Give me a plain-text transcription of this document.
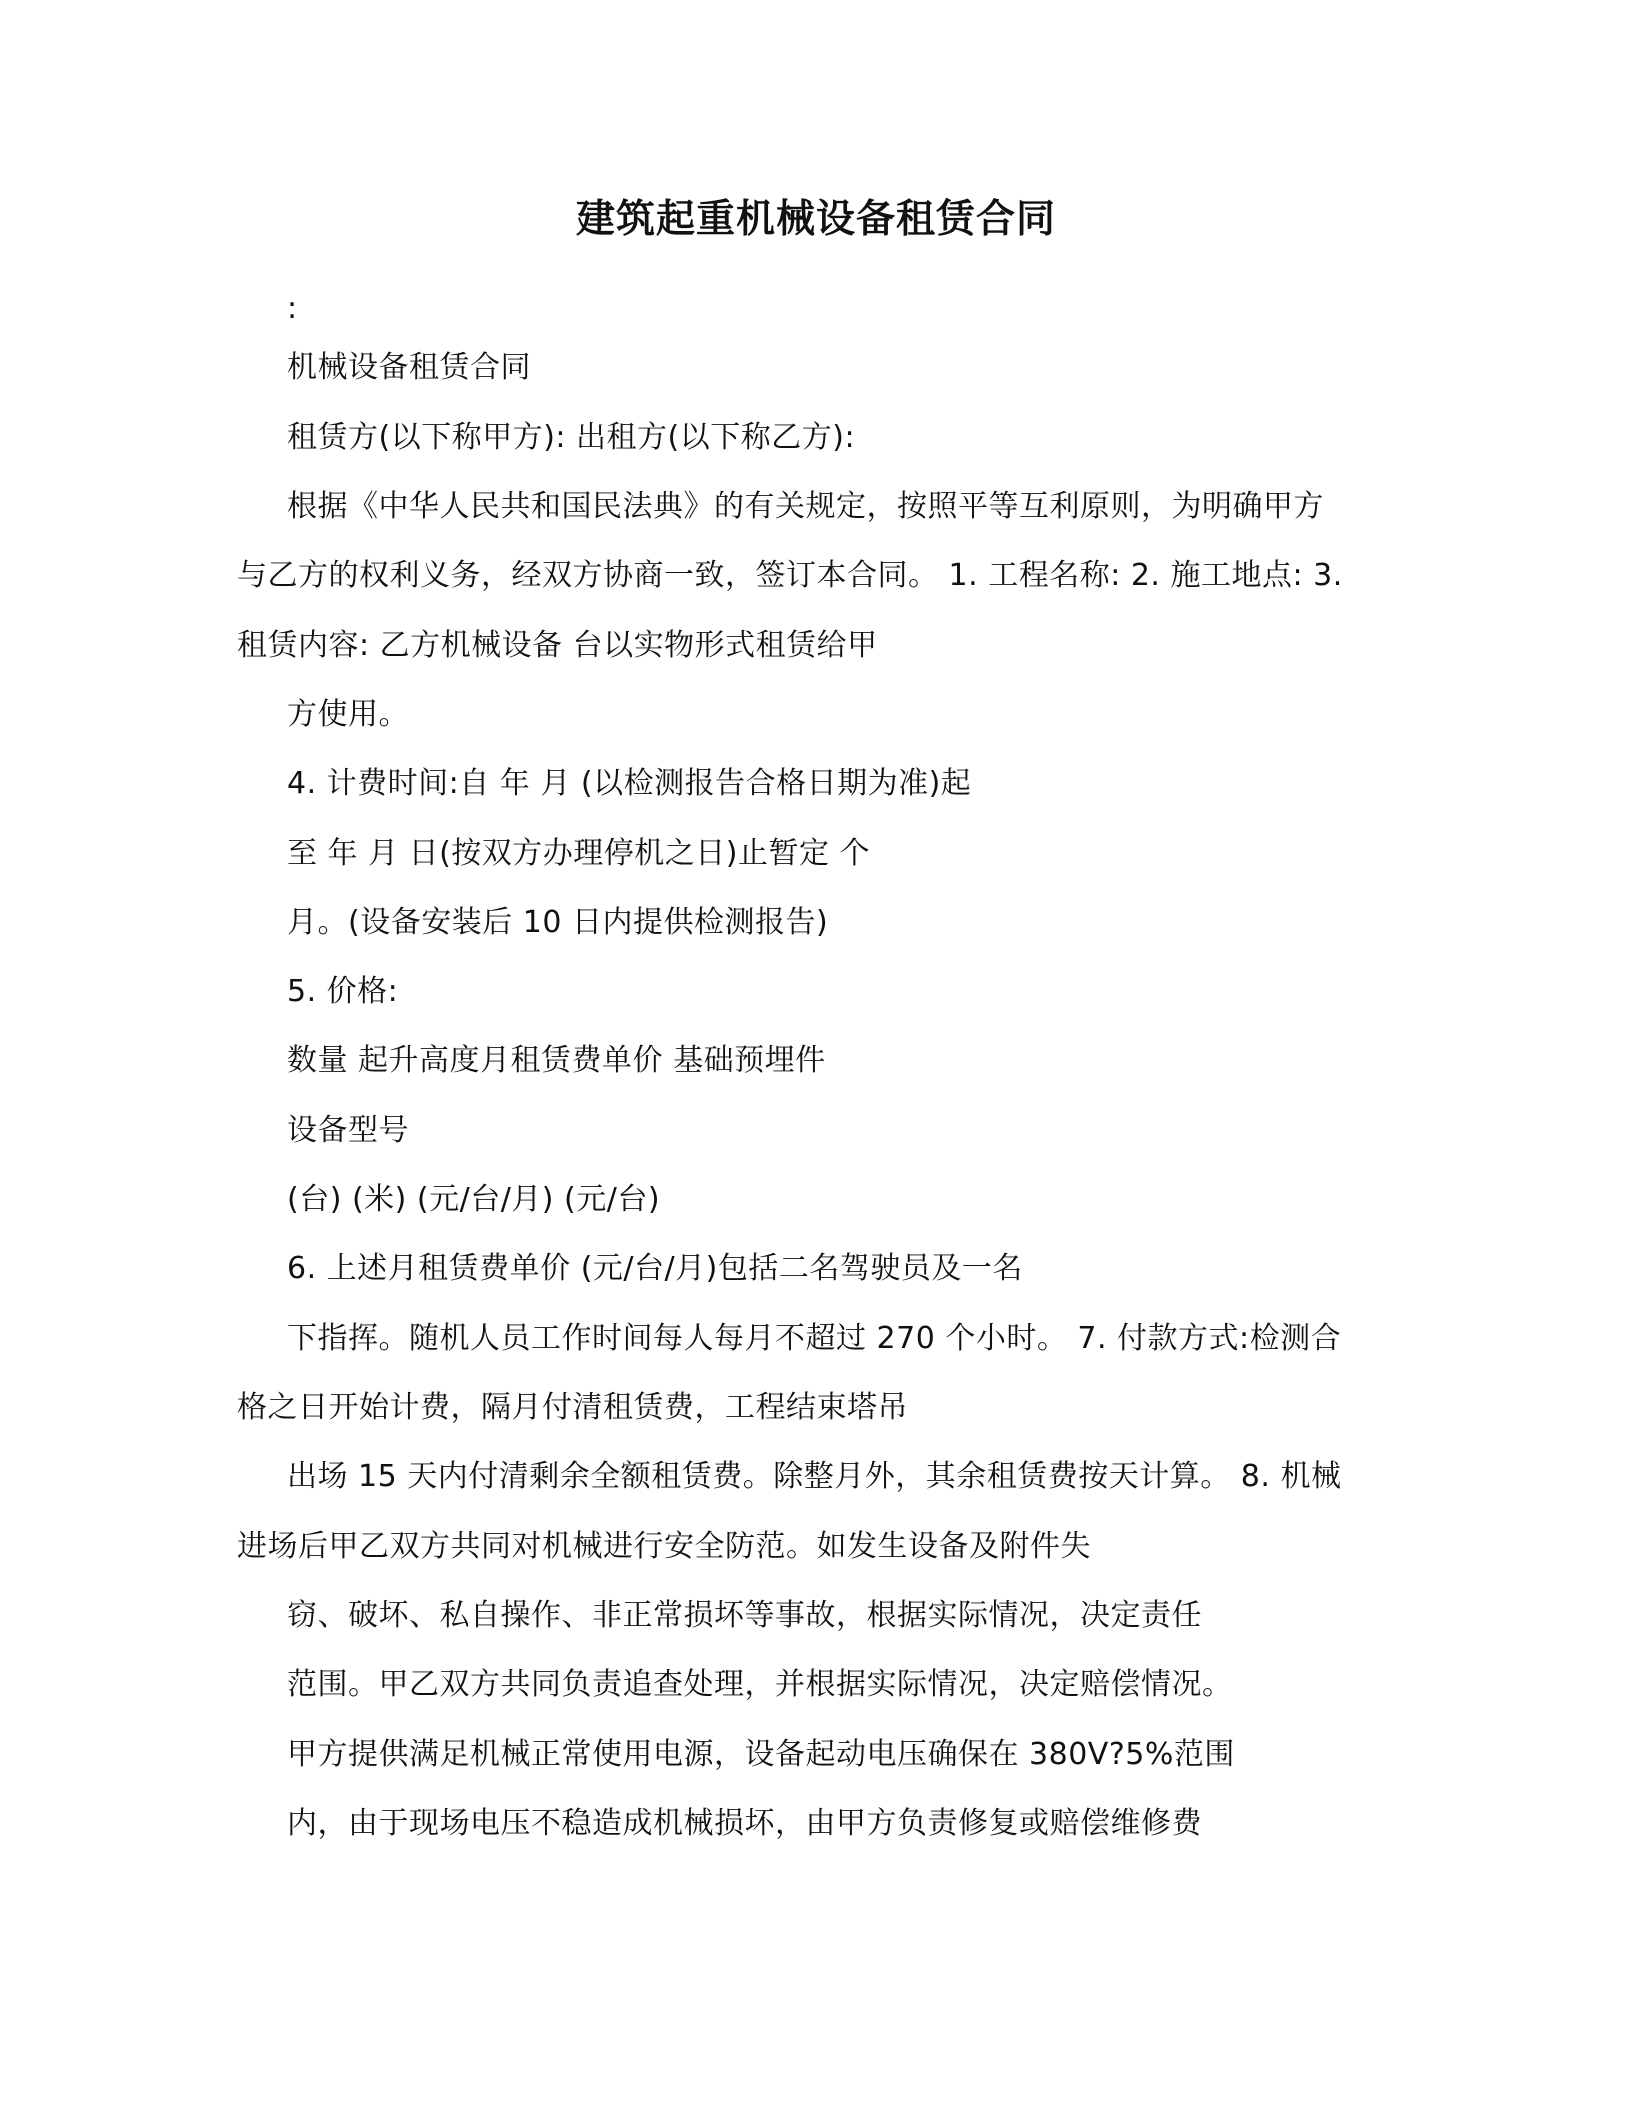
建筑起重机械设备租赁合同
:
机械设备租赁合同
租赁方(以下称甲方): 出租方(以下称乙方):
根据《中华人民共和国民法典》的有关规定，按照平等互利原则，为明确甲方
与乙方的权利义务，经双方协商一致，签订本合同。 1. 工程名称: 2. 施工地点: 3.
租赁内容: 乙方机械设备 台以实物形式租赁给甲
方使用。
4. 计费时间:自 年 月 (以检测报告合格日期为准)起
至 年 月 日(按双方办理停机之日)止暂定 个
月。(设备安装后 10 日内提供检测报告)
5. 价格:
数量 起升高度月租赁费单价 基础预埋件
设备型号
(台) (米) (元/台/月) (元/台)
6. 上述月租赁费单价 (元/台/月)包括二名驾驶员及一名
下指挥。随机人员工作时间每人每月不超过 270 个小时。 7. 付款方式:检测合
格之日开始计费，隔月付清租赁费，工程结束塔吊
出场 15 天内付清剩余全额租赁费。除整月外，其余租赁费按天计算。 8. 机械
进场后甲乙双方共同对机械进行安全防范。如发生设备及附件失
窃、破坏、私自操作、非正常损坏等事故，根据实际情况，决定责任
范围。甲乙双方共同负责追查处理，并根据实际情况，决定赔偿情况。
甲方提供满足机械正常使用电源，设备起动电压确保在 380V?5%范围
内，由于现场电压不稳造成机械损坏，由甲方负责修复或赔偿维修费
